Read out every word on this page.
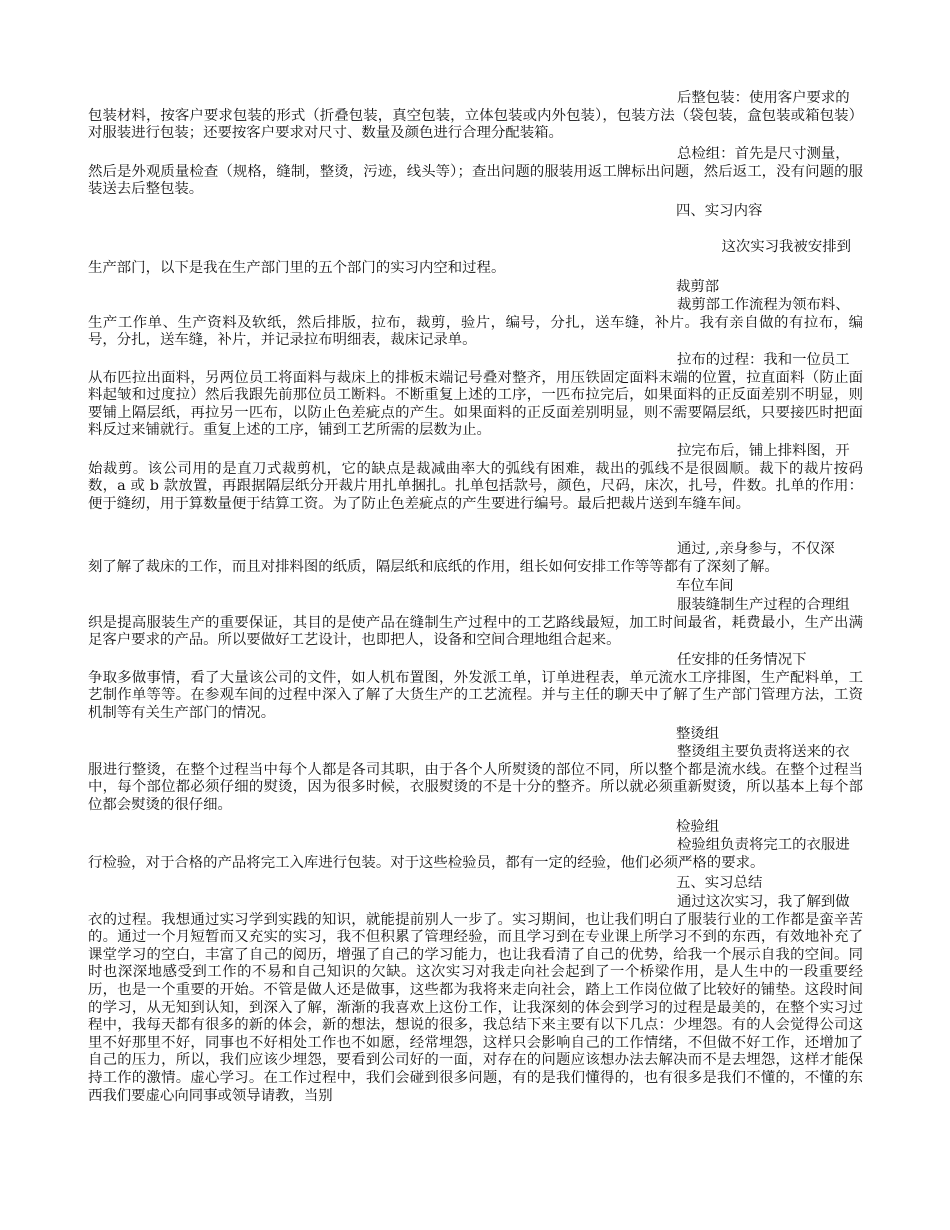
后整包装：使用客户要求的
包装材料，按客户要求包装的形式（折叠包装，真空包装，立体包装或内外包装），包装方法（袋包装，盒包装或箱包装）对服装进行包装；还要按客户要求对尺寸、数量及颜色进行合理分配装箱。
总检组：首先是尺寸测量，
然后是外观质量检查（规格，缝制，整烫，污迹，线头等）；查出问题的服装用返工牌标出问题，然后返工，没有问题的服装送去后整包装。

四、实习内容

这次实习我被安排到

生产部门，以下是我在生产部门里的五个部门的实习内空和过程。

裁剪部

裁剪部工作流程为领布料、
生产工作单、生产资料及软纸，然后排版，拉布，裁剪，验片，编号，分扎，送车缝，补片。我有亲自做的有拉布，编号，分扎，送车缝，补片，并记录拉布明细表，裁床记录单。
拉布的过程：我和一位员工
从布匹拉出面料，另两位员工将面料与裁床上的排板末端记号叠对整齐，用压铁固定面料末端的位置，拉直面料（防止面料起皱和过度拉）然后我跟先前那位员工断料。不断重复上述的工序，一匹布拉完后，如果面料的正反面差别不明显，则要铺上隔层纸，再拉另一匹布，以防止色差疵点的产生。如果面料的正反面差别明显，则不需要隔层纸，只要接匹时把面料反过来铺就行。重复上述的工序，铺到工艺所需的层数为止。
拉完布后，铺上排料图，开
始裁剪。该公司用的是直刀式裁剪机，它的缺点是裁减曲率大的弧线有困难，裁出的弧线不是很圆顺。裁下的裁片按码数，a 或 b 款放置，再跟据隔层纸分开裁片用扎单捆扎。扎单包括款号，颜色，尺码，床次，扎号，件数。扎单的作用：便于缝纫，用于算数量便于结算工资。为了防止色差疵点的产生要进行编号。最后把裁片送到车缝车间。
通过, ,亲身参与，不仅深
刻了解了裁床的工作，而且对排料图的纸质，隔层纸和底纸的作用，组长如何安排工作等等都有了深刻了解。

车位车间

服装缝制生产过程的合理组
织是提高服装生产的重要保证，其目的是使产品在缝制生产过程中的工艺路线最短，加工时间最省，耗费最小，生产出满足客户要求的产品。所以要做好工艺设计，也即把人，设备和空间合理地组合起来。
任安排的任务情况下
争取多做事情，看了大量该公司的文件，如人机布置图，外发派工单，订单进程表，单元流水工序排图，生产配料单，工艺制作单等等。在参观车间的过程中深入了解了大货生产的工艺流程。并与主任的聊天中了解了生产部门管理方法，工资机制等有关生产部门的情况。

整烫组

整烫组主要负责将送来的衣
服进行整烫，在整个过程当中每个人都是各司其职，由于各个人所熨烫的部位不同，所以整个都是流水线。在整个过程当中，每个部位都必须仔细的熨烫，因为很多时候，衣服熨烫的不是十分的整齐。所以就必须重新熨烫，所以基本上每个部位都会熨烫的很仔细。

检验组

检验组负责将完工的衣服进
行检验，对于合格的产品将完工入库进行包装。对于这些检验员，都有一定的经验，他们必须严格的要求。

五、实习总结

通过这次实习，我了解到做
衣的过程。我想通过实习学到实践的知识，就能提前别人一步了。实习期间，也让我们明白了服装行业的工作都是蛮辛苦的。通过一个月短暂而又充实的实习，我不但积累了管理经验，而且学习到在专业课上所学习不到的东西，有效地补充了课堂学习的空白，丰富了自己的阅历，增强了自己的学习能力，也让我看清了自己的优势，给我一个展示自我的空间。同时也深深地感受到工作的不易和自己知识的欠缺。这次实习对我走向社会起到了一个桥梁作用，是人生中的一段重要经历，也是一个重要的开始。不管是做人还是做事，这些都为我将来走向社会，踏上工作岗位做了比较好的铺垫。这段时间的学习，从无知到认知，到深入了解，渐渐的我喜欢上这份工作，让我深刻的体会到学习的过程是最美的，在整个实习过程中，我每天都有很多的新的体会，新的想法，想说的很多，我总结下来主要有以下几点：少埋怨。有的人会觉得公司这里不好那里不好，同事也不好相处工作也不如愿，经常埋怨，这样只会影响自己的工作情绪，不但做不好工作，还增加了自己的压力，所以，我们应该少埋怨，要看到公司好的一面，对存在的问题应该想办法去解决而不是去埋怨，这样才能保持工作的激情。虚心学习。在工作过程中，我们会碰到很多问题，有的是我们懂得的，也有很多是我们不懂的，不懂的东西我们要虚心向同事或领导请教，当别
